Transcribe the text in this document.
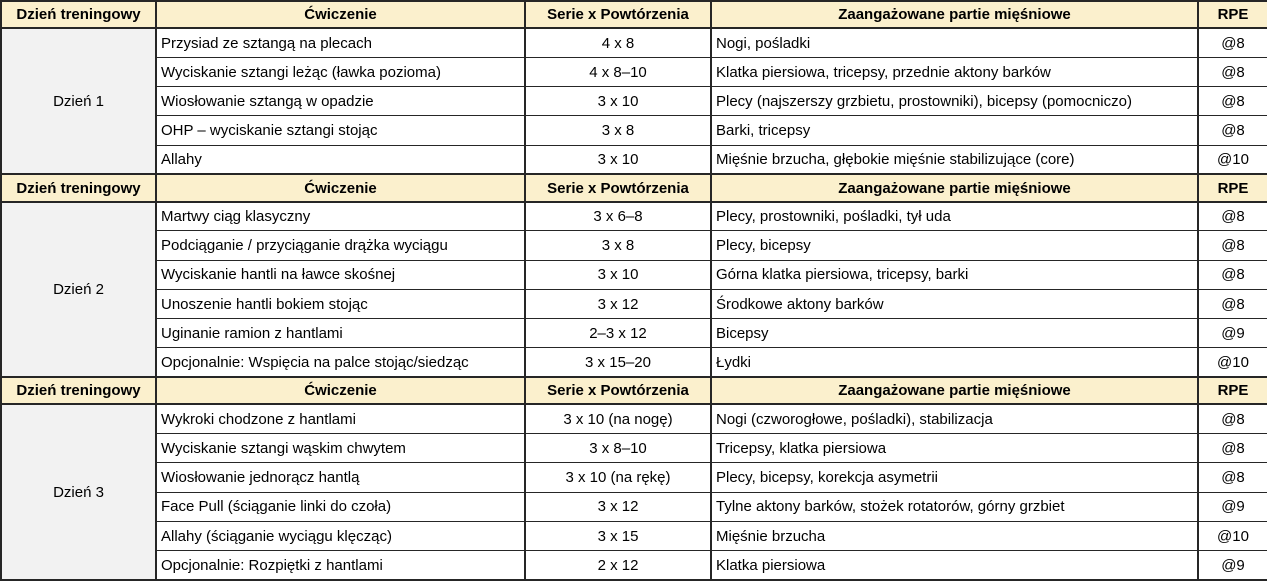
Dzień treningowy	Ćwiczenie	Serie x Powtórzenia	Zaangażowane partie mięśniowe	RPE
Dzień 1	Przysiad ze sztangą na plecach	4 x 8	Nogi, pośladki	@8
	Wyciskanie sztangi leżąc (ławka pozioma)	4 x 8–10	Klatka piersiowa, tricepsy, przednie aktony barków	@8
	Wiosłowanie sztangą w opadzie	3 x 10	Plecy (najszerszy grzbietu, prostowniki), bicepsy (pomocniczo)	@8
	OHP – wyciskanie sztangi stojąc	3 x 8	Barki, tricepsy	@8
	Allahy	3 x 10	Mięśnie brzucha, głębokie mięśnie stabilizujące (core)	@10
Dzień treningowy	Ćwiczenie	Serie x Powtórzenia	Zaangażowane partie mięśniowe	RPE
Dzień 2	Martwy ciąg klasyczny	3 x 6–8	Plecy, prostowniki, pośladki, tył uda	@8
	Podciąganie / przyciąganie drążka wyciągu	3 x 8	Plecy, bicepsy	@8
	Wyciskanie hantli na ławce skośnej	3 x 10	Górna klatka piersiowa, tricepsy, barki	@8
	Unoszenie hantli bokiem stojąc	3 x 12	Środkowe aktony barków	@8
	Uginanie ramion z hantlami	2–3 x 12	Bicepsy	@9
	Opcjonalnie: Wspięcia na palce stojąc/siedząc	3 x 15–20	Łydki	@10
Dzień treningowy	Ćwiczenie	Serie x Powtórzenia	Zaangażowane partie mięśniowe	RPE
Dzień 3	Wykroki chodzone z hantlami	3 x 10 (na nogę)	Nogi (czworogłowe, pośladki), stabilizacja	@8
	Wyciskanie sztangi wąskim chwytem	3 x 8–10	Tricepsy, klatka piersiowa	@8
	Wiosłowanie jednorącz hantlą	3 x 10 (na rękę)	Plecy, bicepsy, korekcja asymetrii	@8
	Face Pull (ściąganie linki do czoła)	3 x 12	Tylne aktony barków, stożek rotatorów, górny grzbiet	@9
	Allahy (ściąganie wyciągu klęcząc)	3 x 15	Mięśnie brzucha	@10
	Opcjonalnie: Rozpiętki z hantlami	2 x 12	Klatka piersiowa	@9
